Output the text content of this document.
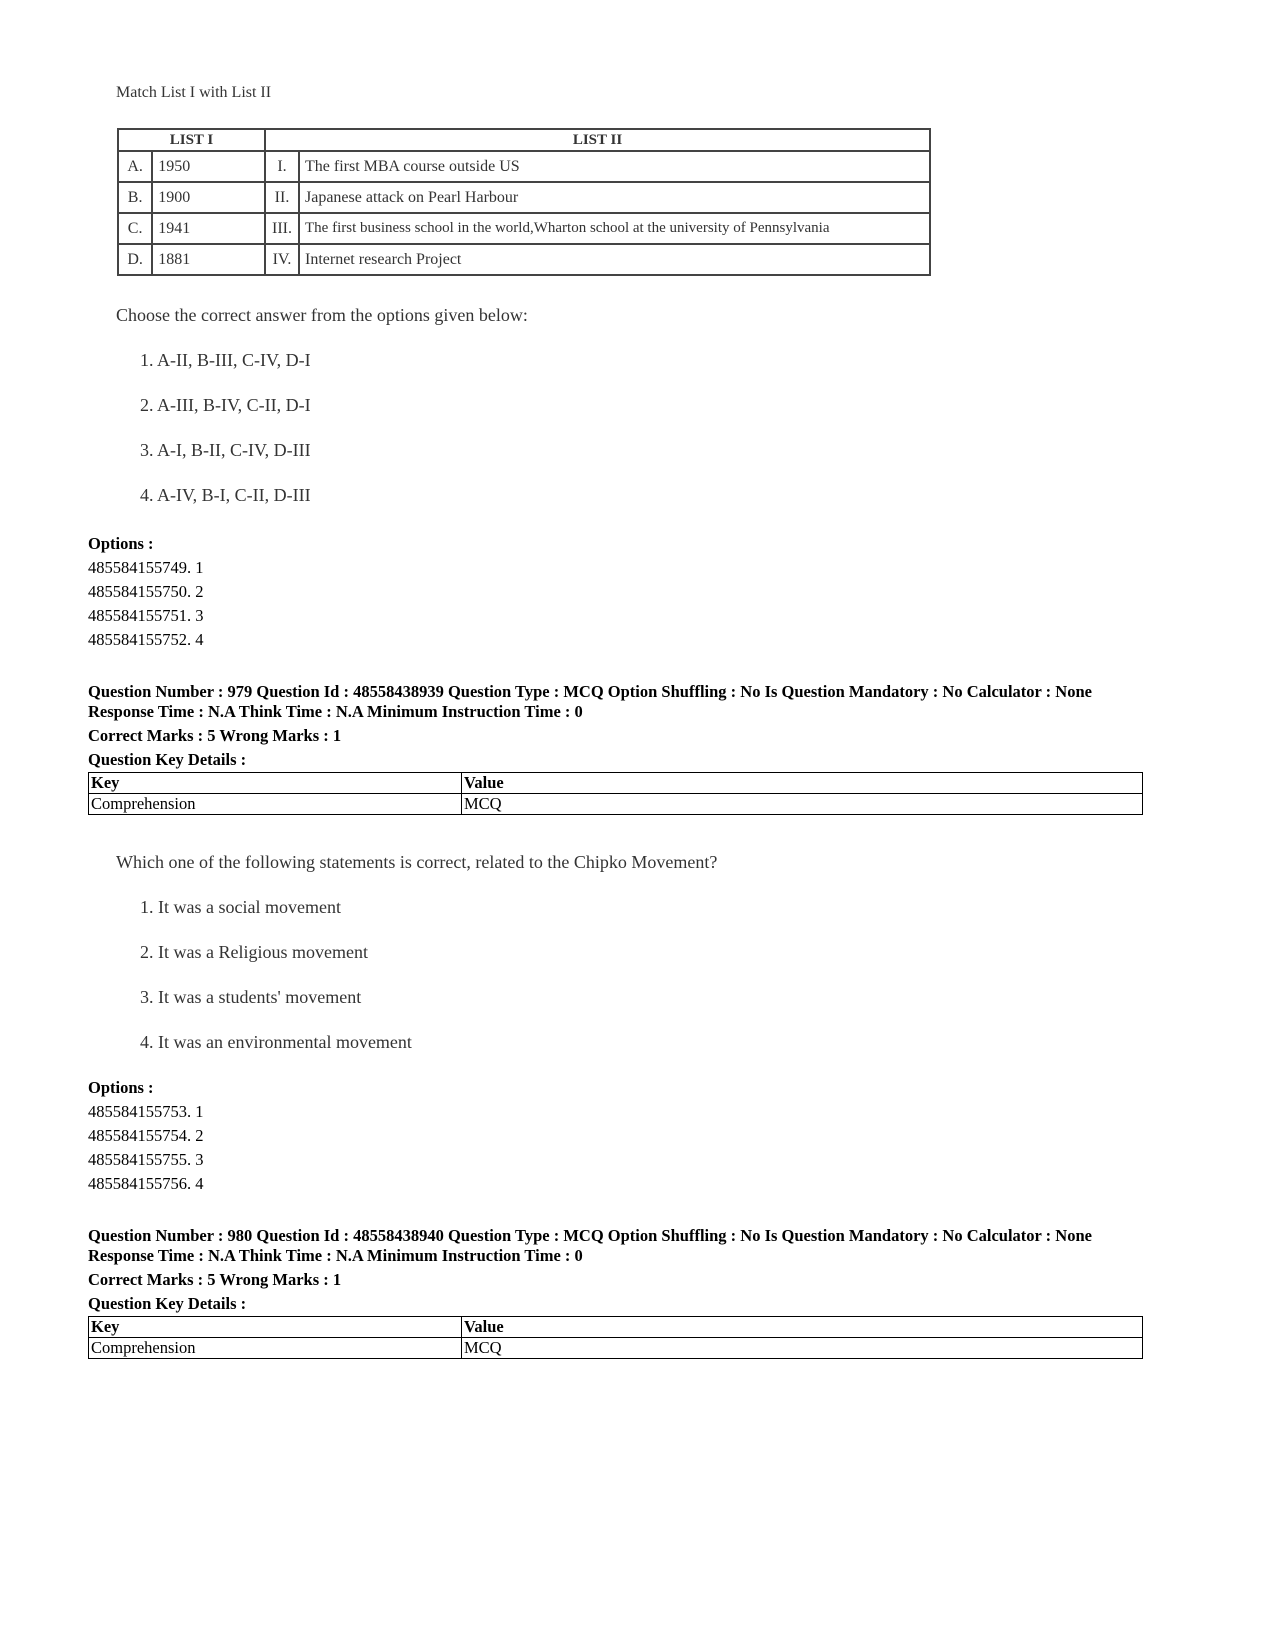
Match List I with List II
LIST I		LIST II	
A.	1950	I.	The first MBA course outside US
B.	1900	II.	Japanese attack on Pearl Harbour
C.	1941	III.	The first business school in the world,Wharton school at the university of Pennsylvania
D.	1881	IV.	Internet research Project
Choose the correct answer from the options given below:
1. A-II, B-III, C-IV, D-I
2. A-III, B-IV, C-II, D-I
3. A-I, B-II, C-IV, D-III
4. A-IV, B-I, C-II, D-III
Options :
485584155749. 1
485584155750. 2
485584155751. 3
485584155752. 4
Question Number : 979 Question Id : 48558438939 Question Type : MCQ Option Shuffling : No Is Question Mandatory : No Calculator : None
Response Time : N.A Think Time : N.A Minimum Instruction Time : 0
Correct Marks : 5 Wrong Marks : 1
Question Key Details :
Key	Value
Comprehension	MCQ
Which one of the following statements is correct, related to the Chipko Movement?
1. It was a social movement
2. It was a Religious movement
3. It was a students' movement
4. It was an environmental movement
Options :
485584155753. 1
485584155754. 2
485584155755. 3
485584155756. 4
Question Number : 980 Question Id : 48558438940 Question Type : MCQ Option Shuffling : No Is Question Mandatory : No Calculator : None
Response Time : N.A Think Time : N.A Minimum Instruction Time : 0
Correct Marks : 5 Wrong Marks : 1
Question Key Details :
Key	Value
Comprehension	MCQ
